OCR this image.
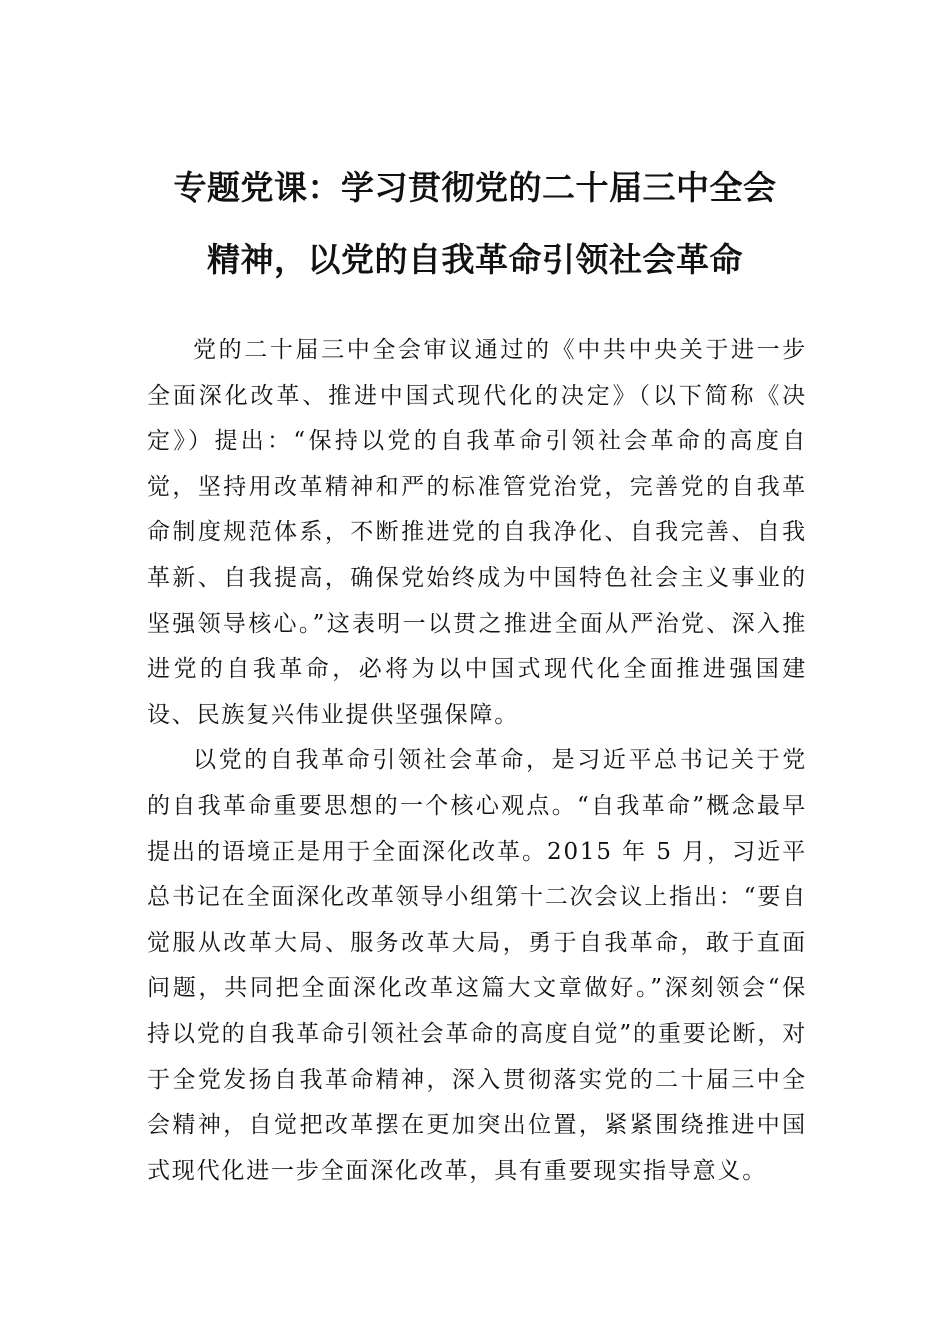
专题党课：学习贯彻党的二十届三中全会
精神，以党的自我革命引领社会革命

党的二十届三中全会审议通过的《中共中央关于进一步全面深化改革、推进中国式现代化的决定》（以下简称《决定》）提出：“保持以党的自我革命引领社会革命的高度自觉，坚持用改革精神和严的标准管党治党，完善党的自我革命制度规范体系，不断推进党的自我净化、自我完善、自我革新、自我提高，确保党始终成为中国特色社会主义事业的坚强领导核心。”这表明一以贯之推进全面从严治党、深入推进党的自我革命，必将为以中国式现代化全面推进强国建设、民族复兴伟业提供坚强保障。

以党的自我革命引领社会革命，是习近平总书记关于党的自我革命重要思想的一个核心观点。“自我革命”概念最早提出的语境正是用于全面深化改革。2015 年 5 月，习近平总书记在全面深化改革领导小组第十二次会议上指出：“要自觉服从改革大局、服务改革大局，勇于自我革命，敢于直面问题，共同把全面深化改革这篇大文章做好。”深刻领会“保持以党的自我革命引领社会革命的高度自觉”的重要论断，对于全党发扬自我革命精神，深入贯彻落实党的二十届三中全会精神，自觉把改革摆在更加突出位置，紧紧围绕推进中国式现代化进一步全面深化改革，具有重要现实指导意义。
